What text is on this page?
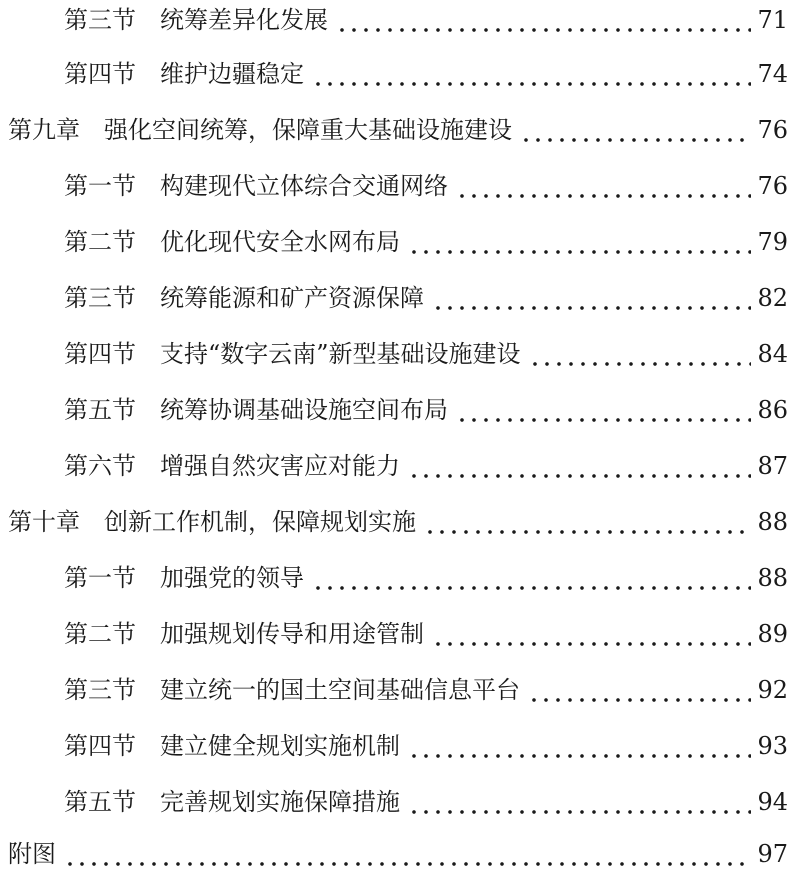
第三节 统筹差异化发展	71
第四节 维护边疆稳定	74
第九章 强化空间统筹，保障重大基础设施建设	76
第一节 构建现代立体综合交通网络	76
第二节 优化现代安全水网布局	79
第三节 统筹能源和矿产资源保障	82
第四节 支持“数字云南”新型基础设施建设	84
第五节 统筹协调基础设施空间布局	86
第六节 增强自然灾害应对能力	87
第十章 创新工作机制，保障规划实施	88
第一节 加强党的领导	88
第二节 加强规划传导和用途管制	89
第三节 建立统一的国土空间基础信息平台	92
第四节 建立健全规划实施机制	93
第五节 完善规划实施保障措施	94
附图	97
